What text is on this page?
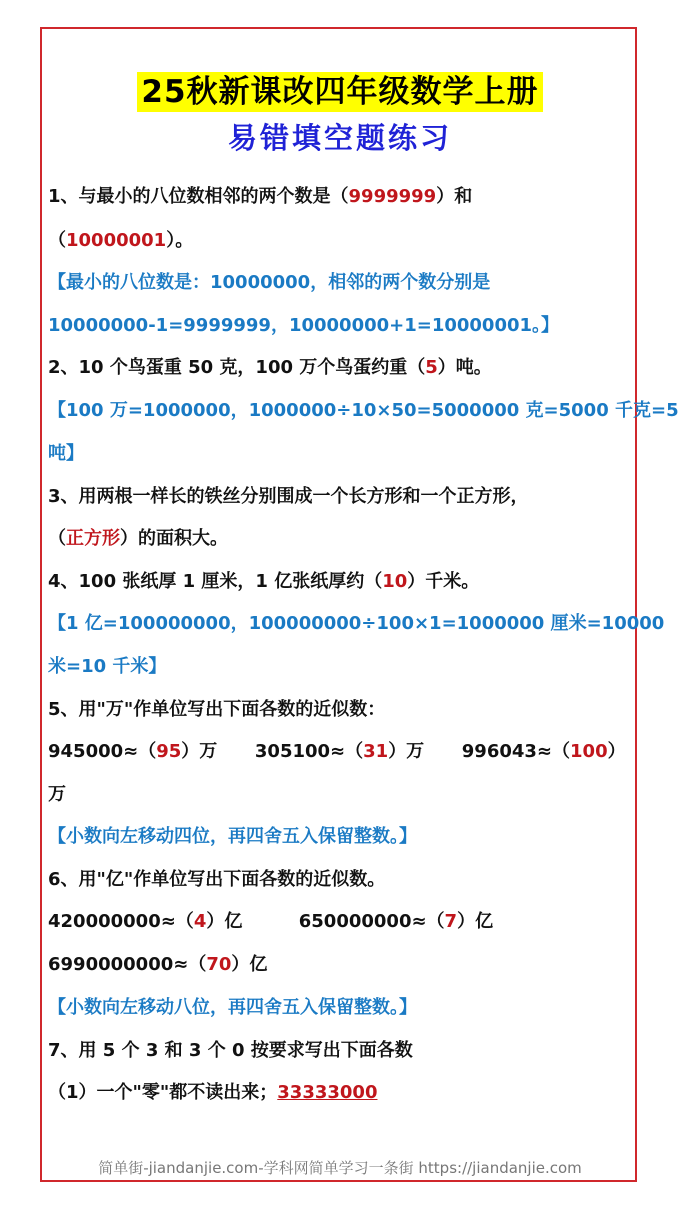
25秋新课改四年级数学上册
易错填空题练习
1、与最小的八位数相邻的两个数是（9999999）和
（10000001）。
【最小的八位数是：10000000，相邻的两个数分别是
10000000-1=9999999，10000000+1=10000001。】
2、10 个鸟蛋重 50 克，100 万个鸟蛋约重（5）吨。
【100 万=1000000，1000000÷10×50=5000000 克=5000 千克=5
吨】
3、用两根一样长的铁丝分别围成一个长方形和一个正方形，
（正方形）的面积大。
4、100 张纸厚 1 厘米，1 亿张纸厚约（10）千米。
【1 亿=100000000，100000000÷100×1=1000000 厘米=10000
米=10 千米】
5、用"万"作单位写出下面各数的近似数：
945000≈（95）万      305100≈（31）万      996043≈（100）
万
【小数向左移动四位，再四舍五入保留整数。】
6、用"亿"作单位写出下面各数的近似数。
420000000≈（4）亿         650000000≈（7）亿
6990000000≈（70）亿
【小数向左移动八位，再四舍五入保留整数。】
7、用 5 个 3 和 3 个 0 按要求写出下面各数
（1）一个"零"都不读出来；33333000
简单街-jiandanjie.com-学科网简单学习一条街 https://jiandanjie.com
